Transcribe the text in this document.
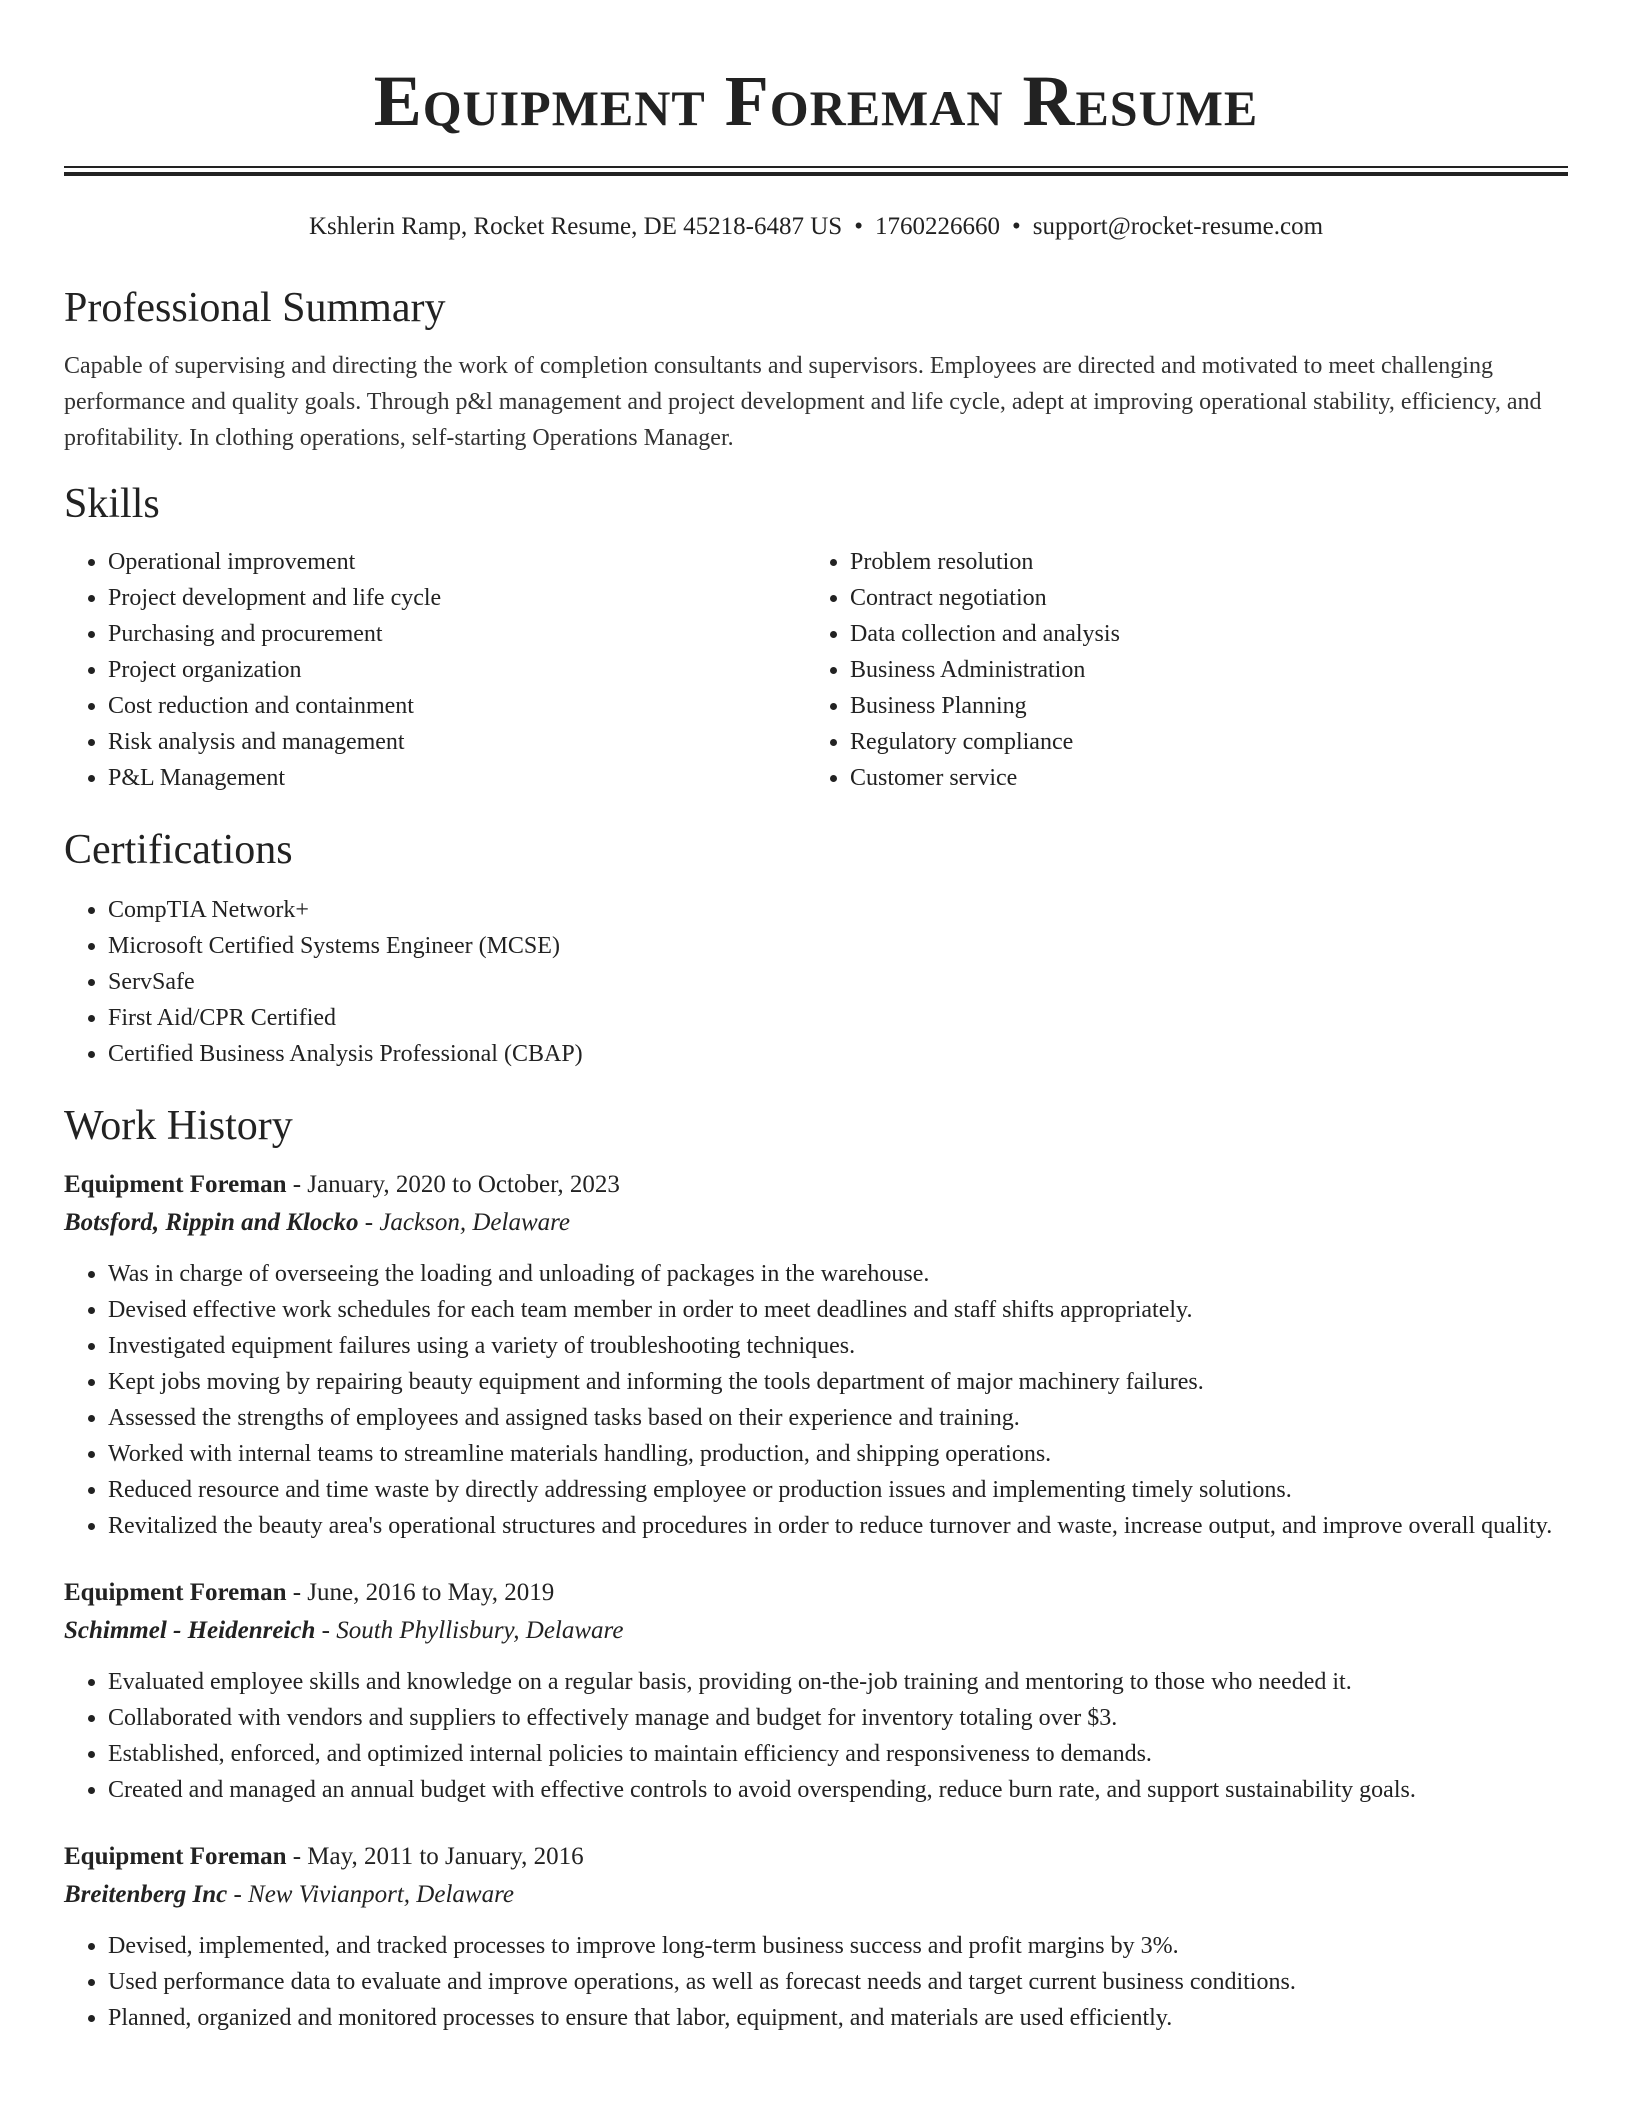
Equipment Foreman Resume
Kshlerin Ramp, Rocket Resume, DE 45218-6487 US • 1760226660 • support@rocket-resume.com
Professional Summary
Capable of supervising and directing the work of completion consultants and supervisors. Employees are directed and motivated to meet challenging performance and quality goals. Through p&l management and project development and life cycle, adept at improving operational stability, efficiency, and profitability. In clothing operations, self-starting Operations Manager.
Skills
• Operational improvement
• Project development and life cycle
• Purchasing and procurement
• Project organization
• Cost reduction and containment
• Risk analysis and management
• P&L Management
• Problem resolution
• Contract negotiation
• Data collection and analysis
• Business Administration
• Business Planning
• Regulatory compliance
• Customer service
Certifications
• CompTIA Network+
• Microsoft Certified Systems Engineer (MCSE)
• ServSafe
• First Aid/CPR Certified
• Certified Business Analysis Professional (CBAP)
Work History
Equipment Foreman - January, 2020 to October, 2023
Botsford, Rippin and Klocko - Jackson, Delaware
• Was in charge of overseeing the loading and unloading of packages in the warehouse.
• Devised effective work schedules for each team member in order to meet deadlines and staff shifts appropriately.
• Investigated equipment failures using a variety of troubleshooting techniques.
• Kept jobs moving by repairing beauty equipment and informing the tools department of major machinery failures.
• Assessed the strengths of employees and assigned tasks based on their experience and training.
• Worked with internal teams to streamline materials handling, production, and shipping operations.
• Reduced resource and time waste by directly addressing employee or production issues and implementing timely solutions.
• Revitalized the beauty area's operational structures and procedures in order to reduce turnover and waste, increase output, and improve overall quality.
Equipment Foreman - June, 2016 to May, 2019
Schimmel - Heidenreich - South Phyllisbury, Delaware
• Evaluated employee skills and knowledge on a regular basis, providing on-the-job training and mentoring to those who needed it.
• Collaborated with vendors and suppliers to effectively manage and budget for inventory totaling over $3.
• Established, enforced, and optimized internal policies to maintain efficiency and responsiveness to demands.
• Created and managed an annual budget with effective controls to avoid overspending, reduce burn rate, and support sustainability goals.
Equipment Foreman - May, 2011 to January, 2016
Breitenberg Inc - New Vivianport, Delaware
• Devised, implemented, and tracked processes to improve long-term business success and profit margins by 3%.
• Used performance data to evaluate and improve operations, as well as forecast needs and target current business conditions.
• Planned, organized and monitored processes to ensure that labor, equipment, and materials are used efficiently.
